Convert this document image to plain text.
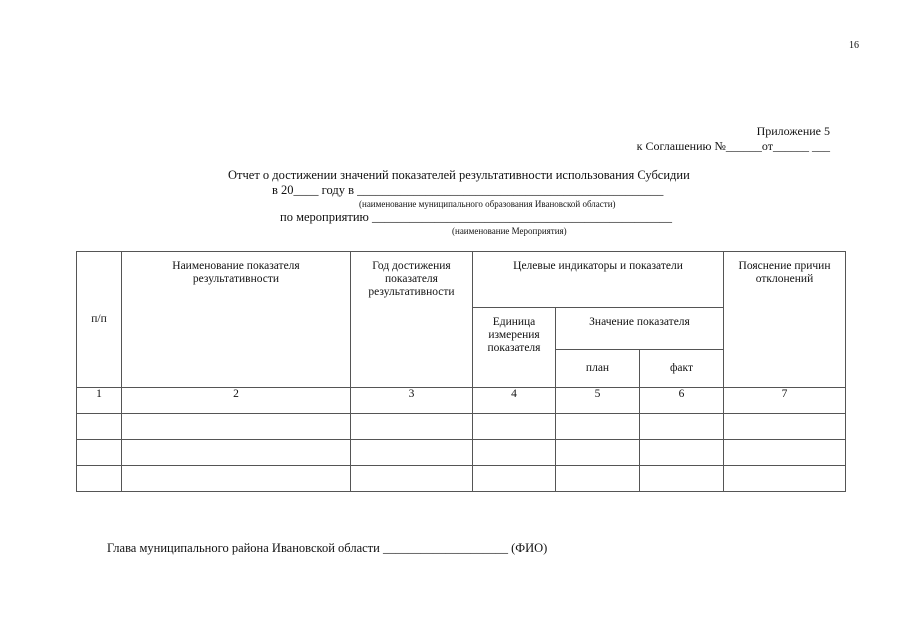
16
Приложение 5
к Соглашению №______от______ ___
Отчет о достижении значений показателей результативности использования Субсидии
в 20____ году в _________________________________________________
(наименование муниципального образования Ивановской области)
по мероприятию ________________________________________________
(наименование Мероприятия)
п/п	Наименование показателя результативности	Год достижения показателя результативности	Целевые индикаторы и показатели			Пояснение причин отклонений
			Единица измерения показателя	Значение показателя		
				план	факт	
1	2	3	4	5	6	7

Глава муниципального района Ивановской области ____________________ (ФИО)
